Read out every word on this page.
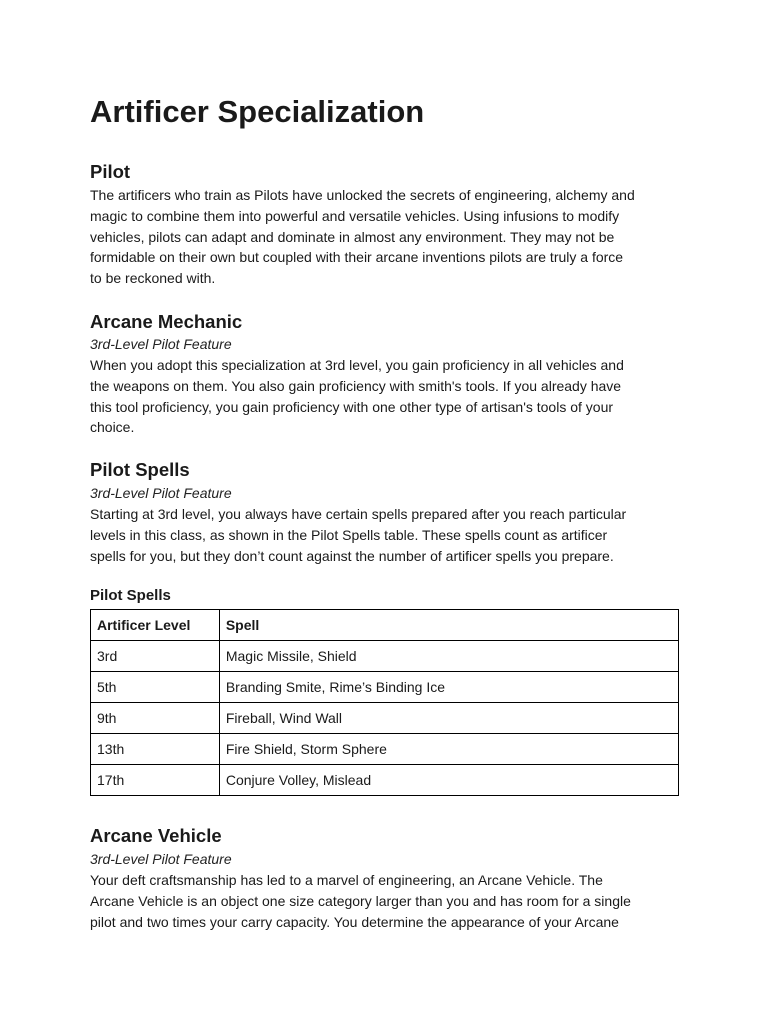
Artificer Specialization
Pilot
The artificers who train as Pilots have unlocked the secrets of engineering, alchemy and
magic to combine them into powerful and versatile vehicles. Using infusions to modify
vehicles, pilots can adapt and dominate in almost any environment. They may not be
formidable on their own but coupled with their arcane inventions pilots are truly a force
to be reckoned with.
Arcane Mechanic
3rd-Level Pilot Feature
When you adopt this specialization at 3rd level, you gain proficiency in all vehicles and
the weapons on them. You also gain proficiency with smith's tools. If you already have
this tool proficiency, you gain proficiency with one other type of artisan's tools of your
choice.
Pilot Spells
3rd-Level Pilot Feature
Starting at 3rd level, you always have certain spells prepared after you reach particular
levels in this class, as shown in the Pilot Spells table. These spells count as artificer
spells for you, but they don’t count against the number of artificer spells you prepare.
Pilot Spells
Artificer Level	Spell
3rd	Magic Missile, Shield
5th	Branding Smite, Rime’s Binding Ice
9th	Fireball, Wind Wall
13th	Fire Shield, Storm Sphere
17th	Conjure Volley, Mislead
Arcane Vehicle
3rd-Level Pilot Feature
Your deft craftsmanship has led to a marvel of engineering, an Arcane Vehicle. The
Arcane Vehicle is an object one size category larger than you and has room for a single
pilot and two times your carry capacity. You determine the appearance of your Arcane
